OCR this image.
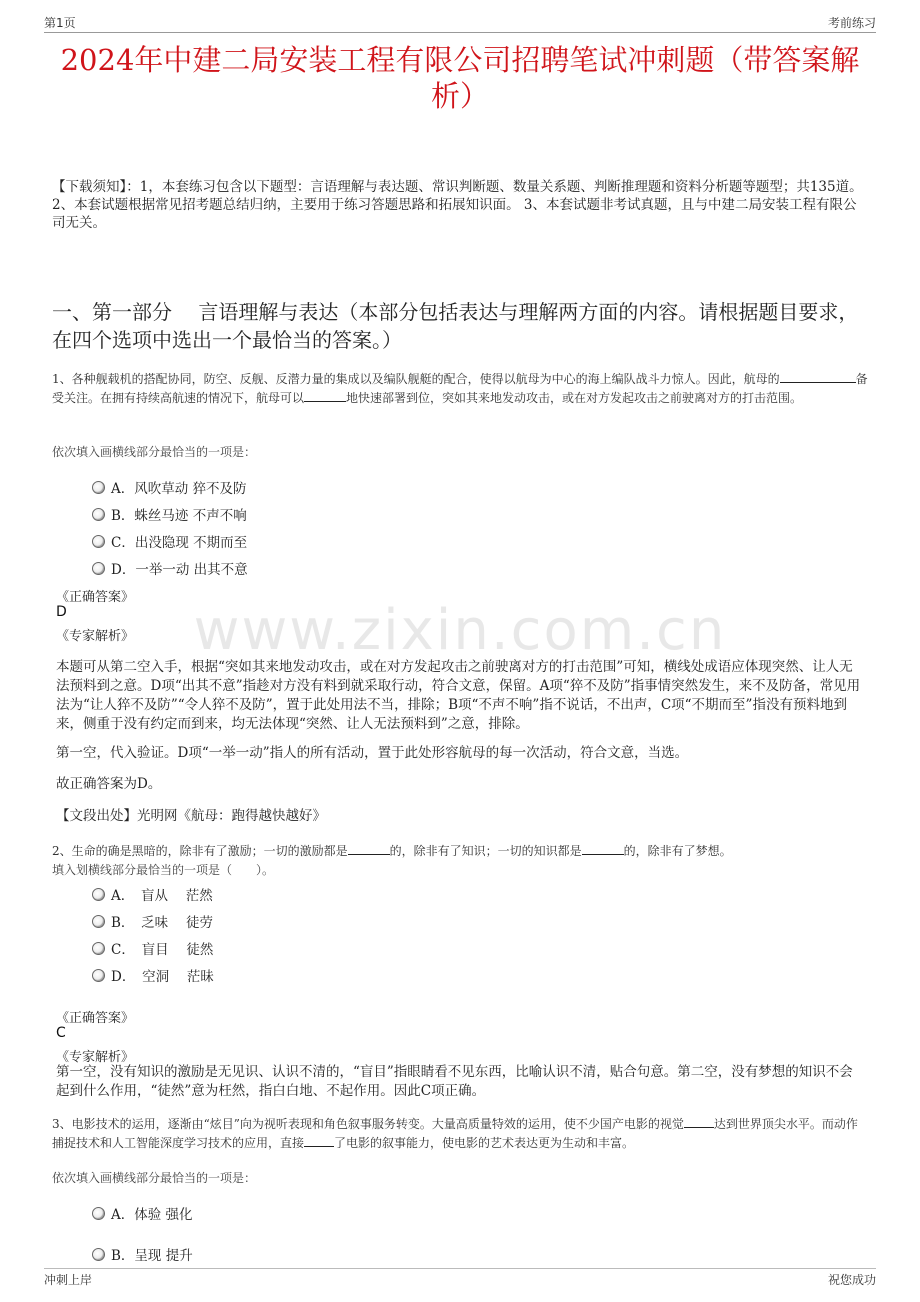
第1页	考前练习
2024年中建二局安装工程有限公司招聘笔试冲刺题（带答案解析）
【下载须知】：1，本套练习包含以下题型：言语理解与表达题、常识判断题、数量关系题、判断推理题和资料分析题等题型；共135道。 2、本套试题根据常见招考题总结归纳，主要用于练习答题思路和拓展知识面。 3、本套试题非考试真题，且与中建二局安装工程有限公司无关。
一、第一部分　 言语理解与表达（本部分包括表达与理解两方面的内容。请根据题目要求，在四个选项中选出一个最恰当的答案。）
1、各种舰载机的搭配协同，防空、反舰、反潜力量的集成以及编队舰艇的配合，使得以航母为中心的海上编队战斗力惊人。因此，航母的	备受关注。在拥有持续高航速的情况下，航母可以	地快速部署到位，突如其来地发动攻击，或在对方发起攻击之前驶离对方的打击范围。
依次填入画横线部分最恰当的一项是：
A．风吹草动 猝不及防
B．蛛丝马迹 不声不响
C．出没隐现 不期而至
D．一举一动 出其不意
《正确答案》
D
《专家解析》	www.zixin.com.cn
本题可从第二空入手，根据“突如其来地发动攻击，或在对方发起攻击之前驶离对方的打击范围”可知，横线处成语应体现突然、让人无法预料到之意。D项“出其不意”指趁对方没有料到就采取行动，符合文意，保留。A项“猝不及防”指事情突然发生，来不及防备，常见用法为“让人猝不及防”“令人猝不及防”，置于此处用法不当，排除；B项“不声不响”指不说话，不出声，C项“不期而至”指没有预料地到来，侧重于没有约定而到来，均无法体现“突然、让人无法预料到”之意，排除。
第一空，代入验证。D项“一举一动”指人的所有活动，置于此处形容航母的每一次活动，符合文意，当选。
故正确答案为D。
【文段出处】光明网《航母：跑得越快越好》
2、生命的确是黑暗的，除非有了激励；一切的激励都是	的，除非有了知识；一切的知识都是	的，除非有了梦想。
填入划横线部分最恰当的一项是（　　）。
A．　盲从　 茫然
B．　乏味　 徒劳
C．　盲目　 徒然
D．　空洞　 茫昧
《正确答案》
C
《专家解析》
第一空，没有知识的激励是无见识、认识不清的，“盲目”指眼睛看不见东西，比喻认识不清，贴合句意。第二空，没有梦想的知识不会起到什么作用，“徒然”意为枉然，指白白地、不起作用。因此C项正确。
3、电影技术的运用，逐渐由“炫目”向为视听表现和角色叙事服务转变。大量高质量特效的运用，使不少国产电影的视觉	达到世界顶尖水平。而动作捕捉技术和人工智能深度学习技术的应用，直接	了电影的叙事能力，使电影的艺术表达更为生动和丰富。
依次填入画横线部分最恰当的一项是：
A．体验 强化
B．呈现 提升
冲刺上岸	祝您成功
